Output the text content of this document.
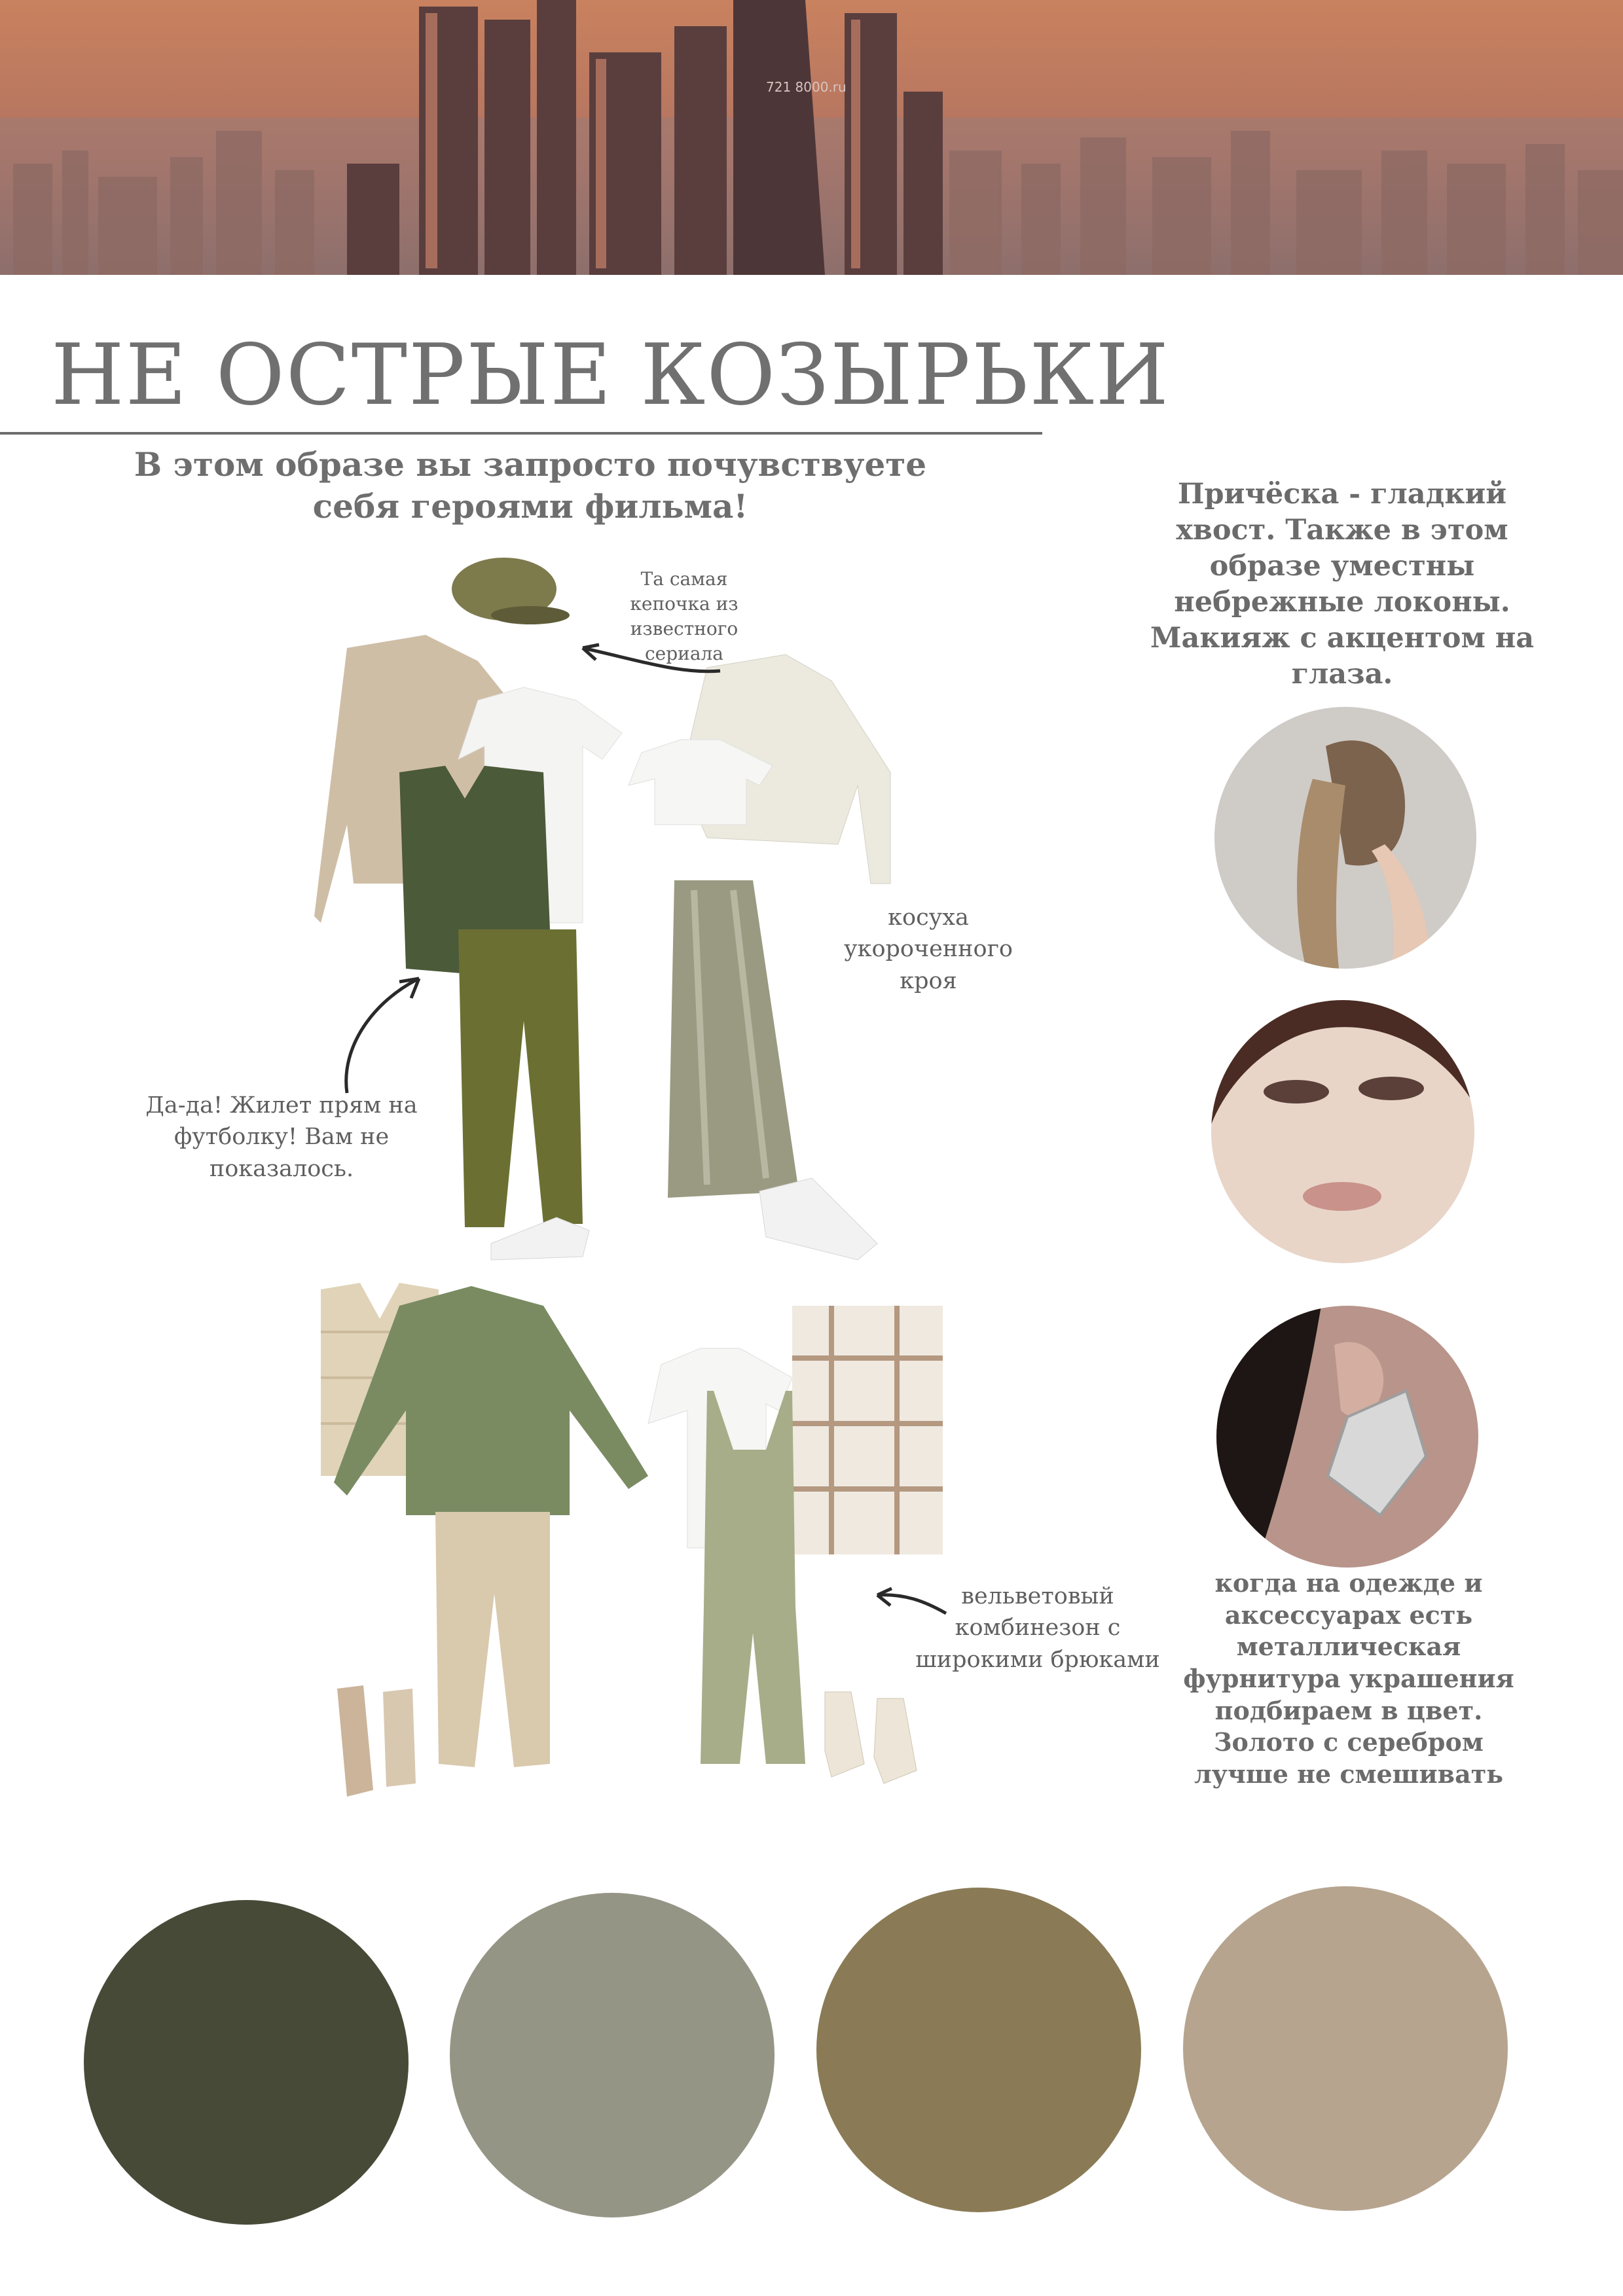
721 8000.ru
НЕ ОСТРЫЕ КОЗЫРЬКИ
В этом образе вы запросто почувствуете себя героями фильма!
Та самая кепочка из известного сериала
косуха укороченного кроя
Да-да! Жилет прям на футболку! Вам не показалось.
вельветовый комбинезон с широкими брюками
Причёска - гладкий хвост. Также в этом образе уместны небрежные локоны. Макияж с акцентом на глаза.
когда на одежде и аксессуарах есть металлическая фурнитура украшения подбираем в цвет. Золото с серебром лучше не смешивать
